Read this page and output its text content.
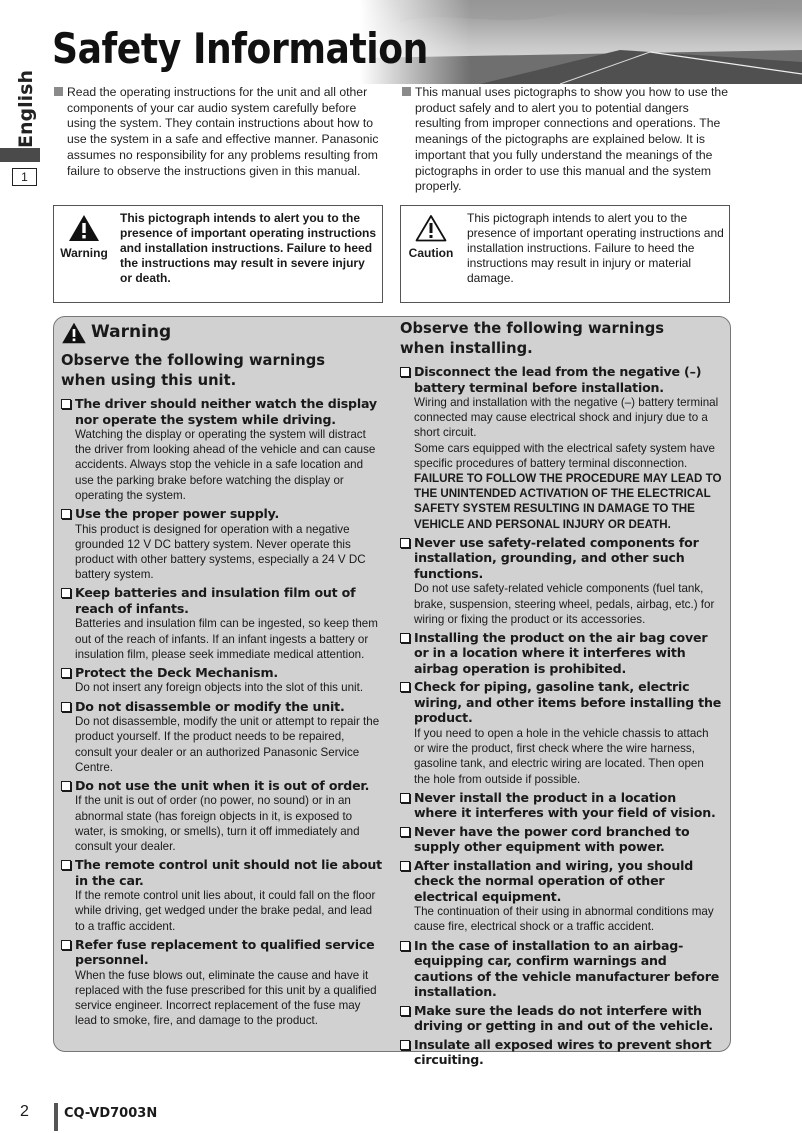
Safety Information
English
1

Read the operating instructions for the unit and all other components of your car audio system carefully before using the system. They contain instructions about how to use the system in a safe and effective manner. Panasonic assumes no responsibility for any problems resulting from failure to observe the instructions given in this manual.

This manual uses pictographs to show you how to use the product safely and to alert you to potential dangers resulting from improper connections and operations. The meanings of the pictographs are explained below. It is important that you fully understand the meanings of the pictographs in order to use this manual and the system properly.

Warning
This pictograph intends to alert you to the presence of important operating instructions and installation instructions. Failure to heed the instructions may result in severe injury or death.
Caution
This pictograph intends to alert you to the presence of important operating instructions and installation instructions. Failure to heed the instructions may result in injury or material damage.
Warning
Observe the following warnings when using this unit.
The driver should neither watch the display nor operate the system while driving.

Watching the display or operating the system will distract the driver from looking ahead of the vehicle and can cause accidents. Always stop the vehicle in a safe location and use the parking brake before watching the display or operating the system.

Use the proper power supply.

This product is designed for operation with a negative grounded 12 V DC battery system. Never operate this product with other battery systems, especially a 24 V DC battery system.

Keep batteries and insulation film out of reach of infants.

Batteries and insulation film can be ingested, so keep them out of the reach of infants. If an infant ingests a battery or insulation film, please seek immediate medical attention.

Protect the Deck Mechanism.

Do not insert any foreign objects into the slot of this unit.

Do not disassemble or modify the unit.

Do not disassemble, modify the unit or attempt to repair the product yourself. If the product needs to be repaired, consult your dealer or an authorized Panasonic Service Centre.

Do not use the unit when it is out of order.

If the unit is out of order (no power, no sound) or in an abnormal state (has foreign objects in it, is exposed to water, is smoking, or smells), turn it off immediately and consult your dealer.

The remote control unit should not lie about in the car.

If the remote control unit lies about, it could fall on the floor while driving, get wedged under the brake pedal, and lead to a traffic accident.

Refer fuse replacement to qualified service personnel.

When the fuse blows out, eliminate the cause and have it replaced with the fuse prescribed for this unit by a qualified service engineer. Incorrect replacement of the fuse may lead to smoke, fire, and damage to the product.

Observe the following warnings when installing.
Disconnect the lead from the negative (–) battery terminal before installation.

Wiring and installation with the negative (–) battery terminal connected may cause electrical shock and injury due to a short circuit.

Some cars equipped with the electrical safety system have specific procedures of battery terminal disconnection.

FAILURE TO FOLLOW THE PROCEDURE MAY LEAD TO THE UNINTENDED ACTIVATION OF THE ELECTRICAL SAFETY SYSTEM RESULTING IN DAMAGE TO THE VEHICLE AND PERSONAL INJURY OR DEATH.

Never use safety-related components for installation, grounding, and other such functions.

Do not use safety-related vehicle components (fuel tank, brake, suspension, steering wheel, pedals, airbag, etc.) for wiring or fixing the product or its accessories.

Installing the product on the air bag cover or in a location where it interferes with airbag operation is prohibited.
Check for piping, gasoline tank, electric wiring, and other items before installing the product.

If you need to open a hole in the vehicle chassis to attach or wire the product, first check where the wire harness, gasoline tank, and electric wiring are located. Then open the hole from outside if possible.

Never install the product in a location where it interferes with your field of vision.
Never have the power cord branched to supply other equipment with power.
After installation and wiring, you should check the normal operation of other electrical equipment.

The continuation of their using in abnormal conditions may cause fire, electrical shock or a traffic accident.

In the case of installation to an airbag-equipping car, confirm warnings and cautions of the vehicle manufacturer before installation.
Make sure the leads do not interfere with driving or getting in and out of the vehicle.
Insulate all exposed wires to prevent short circuiting.
2	CQ-VD7003N
